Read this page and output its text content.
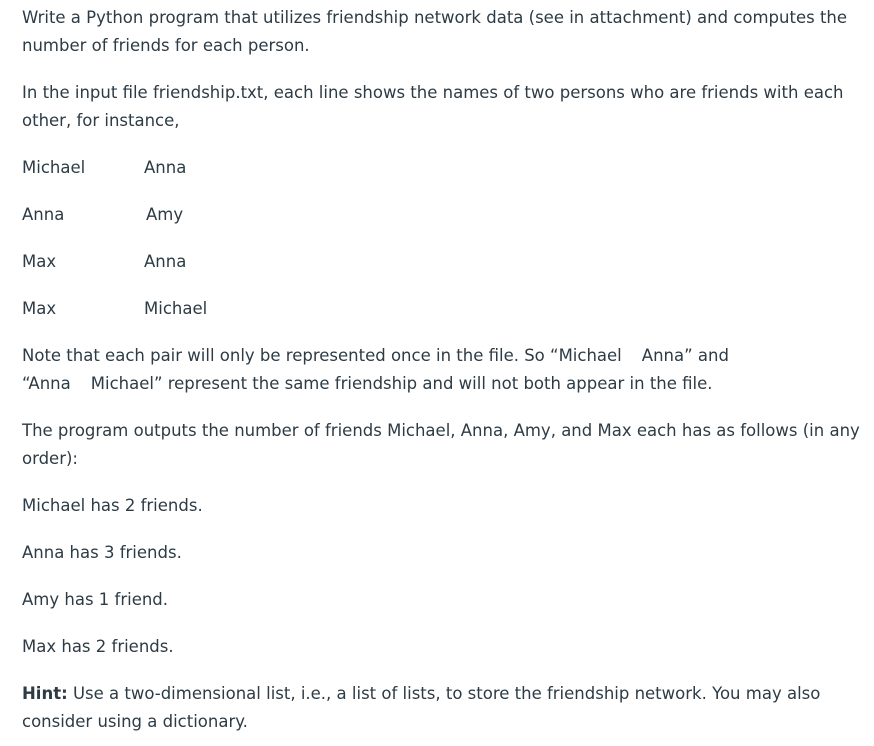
Write a Python program that utilizes friendship network data (see in attachment) and computes the number of friends for each person.

In the input file friendship.txt, each line shows the names of two persons who are friends with each other, for instance,

Michael	Anna
Anna	Amy
Max	Anna
Max	Michael

Note that each pair will only be represented once in the file. So “Michael Anna” and
“Anna Michael” represent the same friendship and will not both appear in the file.

The program outputs the number of friends Michael, Anna, Amy, and Max each has as follows (in any order):

Michael has 2 friends.
Anna has 3 friends.
Amy has 1 friend.
Max has 2 friends.

Hint: Use a two-dimensional list, i.e., a list of lists, to store the friendship network. You may also consider using a dictionary.
